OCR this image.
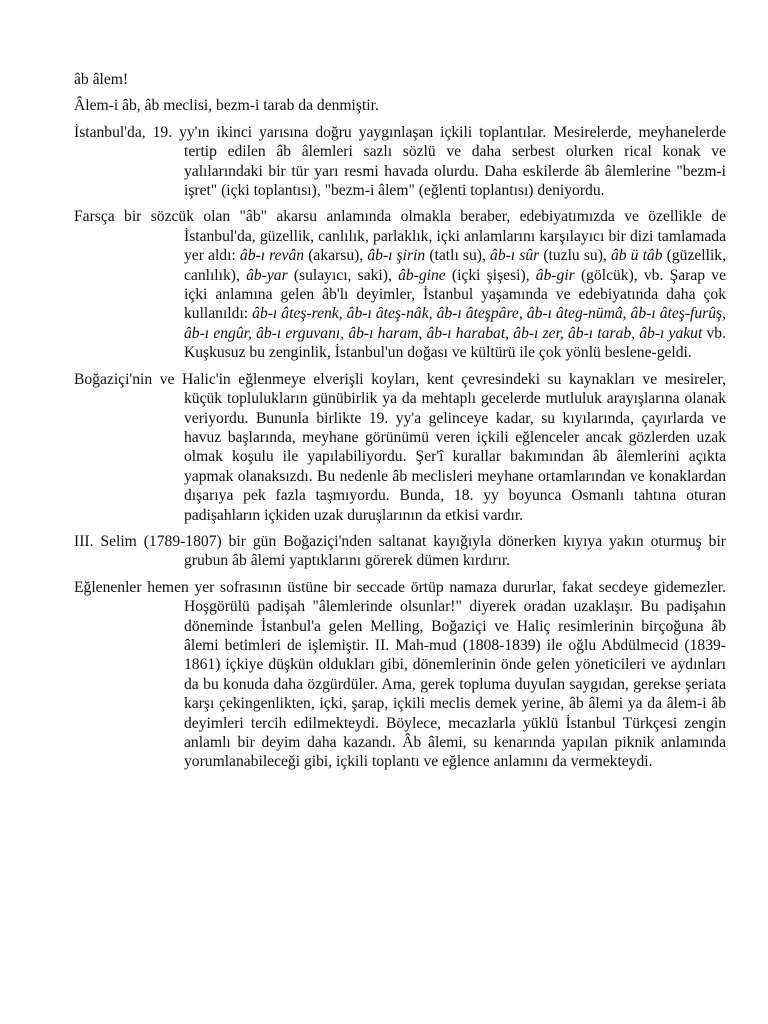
âb âlem!

Âlem-i âb, âb meclisi, bezm-i tarab da denmiştir.

İstanbul'da, 19. yy'ın ikinci yarısına doğru yaygınlaşan içkili toplantılar. Mesirelerde, meyhanelerde tertip edilen âb âlemleri sazlı sözlü ve daha serbest olurken rical konak ve yalılarındaki bir tür yarı resmi havada olurdu. Daha eskilerde âb âlemlerine "bezm-i işret" (içki toplantısı), "bezm-i âlem" (eğlenti toplantısı) deniyordu.

Farsça bir sözcük olan "âb" akarsu anlamında olmakla beraber, edebiyatımızda ve özellikle de İstanbul'da, güzellik, canlılık, parlaklık, içki anlamlarını karşılayıcı bir dizi tamlamada yer aldı: âb-ı revân (akarsu), âb-ı şirin (tatlı su), âb-ı sûr (tuzlu su), âb ü tâb (güzellik, canlılık), âb-yar (sulayıcı, saki), âb-gine (içki şişesi), âb-gir (gölcük), vb. Şarap ve içki anlamına gelen âb'lı deyimler, İstanbul yaşamında ve edebiyatında daha çok kullanıldı: âb-ı âteş-renk, âb-ı âteş-nâk, âb-ı âteşpâre, âb-ı âteg-nümâ, âb-ı âteş-furûş, âb-ı engûr, âb-ı erguvanı, âb-ı haram, âb-ı harabat, âb-ı zer, âb-ı tarab, âb-ı yakut vb. Kuşkusuz bu zenginlik, İstanbul'un doğası ve kültürü ile çok yönlü beslene-geldi.

Boğaziçi'nin ve Halic'in eğlenmeye elverişli koyları, kent çevresindeki su kaynakları ve mesireler, küçük toplulukların günübirlik ya da mehtaplı gecelerde mutluluk arayışlarına olanak veriyordu. Bununla birlikte 19. yy'a gelinceye kadar, su kıyılarında, çayırlarda ve havuz başlarında, meyhane görünümü veren içkili eğlenceler ancak gözlerden uzak olmak koşulu ile yapılabiliyordu. Şer'î kurallar bakımından âb âlemlerini açıkta yapmak olanaksızdı. Bu nedenle âb meclisleri meyhane ortamlarından ve konaklardan dışarıya pek fazla taşmıyordu. Bunda, 18. yy boyunca Osmanlı tahtına oturan padişahların içkiden uzak duruşlarının da etkisi vardır.

III. Selim (1789-1807) bir gün Boğaziçi'nden saltanat kayığıyla dönerken kıyıya yakın oturmuş bir grubun âb âlemi yaptıklarını görerek dümen kırdırır.

Eğlenenler hemen yer sofrasının üstüne bir seccade örtüp namaza dururlar, fakat secdeye gidemezler. Hoşgörülü padişah "âlemlerinde olsunlar!" diyerek oradan uzaklaşır. Bu padişahın döneminde İstanbul'a gelen Melling, Boğaziçi ve Haliç resimlerinin birçoğuna âb âlemi betimleri de işlemiştir. II. Mah-mud (1808-1839) ile oğlu Abdülmecid (1839-1861) içkiye düşkün oldukları gibi, dönemlerinin önde gelen yöneticileri ve aydınları da bu konuda daha özgürdüler. Ama, gerek topluma duyulan saygıdan, gerekse şeriata karşı çekingenlikten, içki, şarap, içkili meclis demek yerine, âb âlemi ya da âlem-i âb deyimleri tercih edilmekteydi. Böylece, mecazlarla yüklü İstanbul Türkçesi zengin anlamlı bir deyim daha kazandı. Âb âlemi, su kenarında yapılan piknik anlamında yorumlanabileceği gibi, içkili toplantı ve eğlence anlamını da vermekteydi.
